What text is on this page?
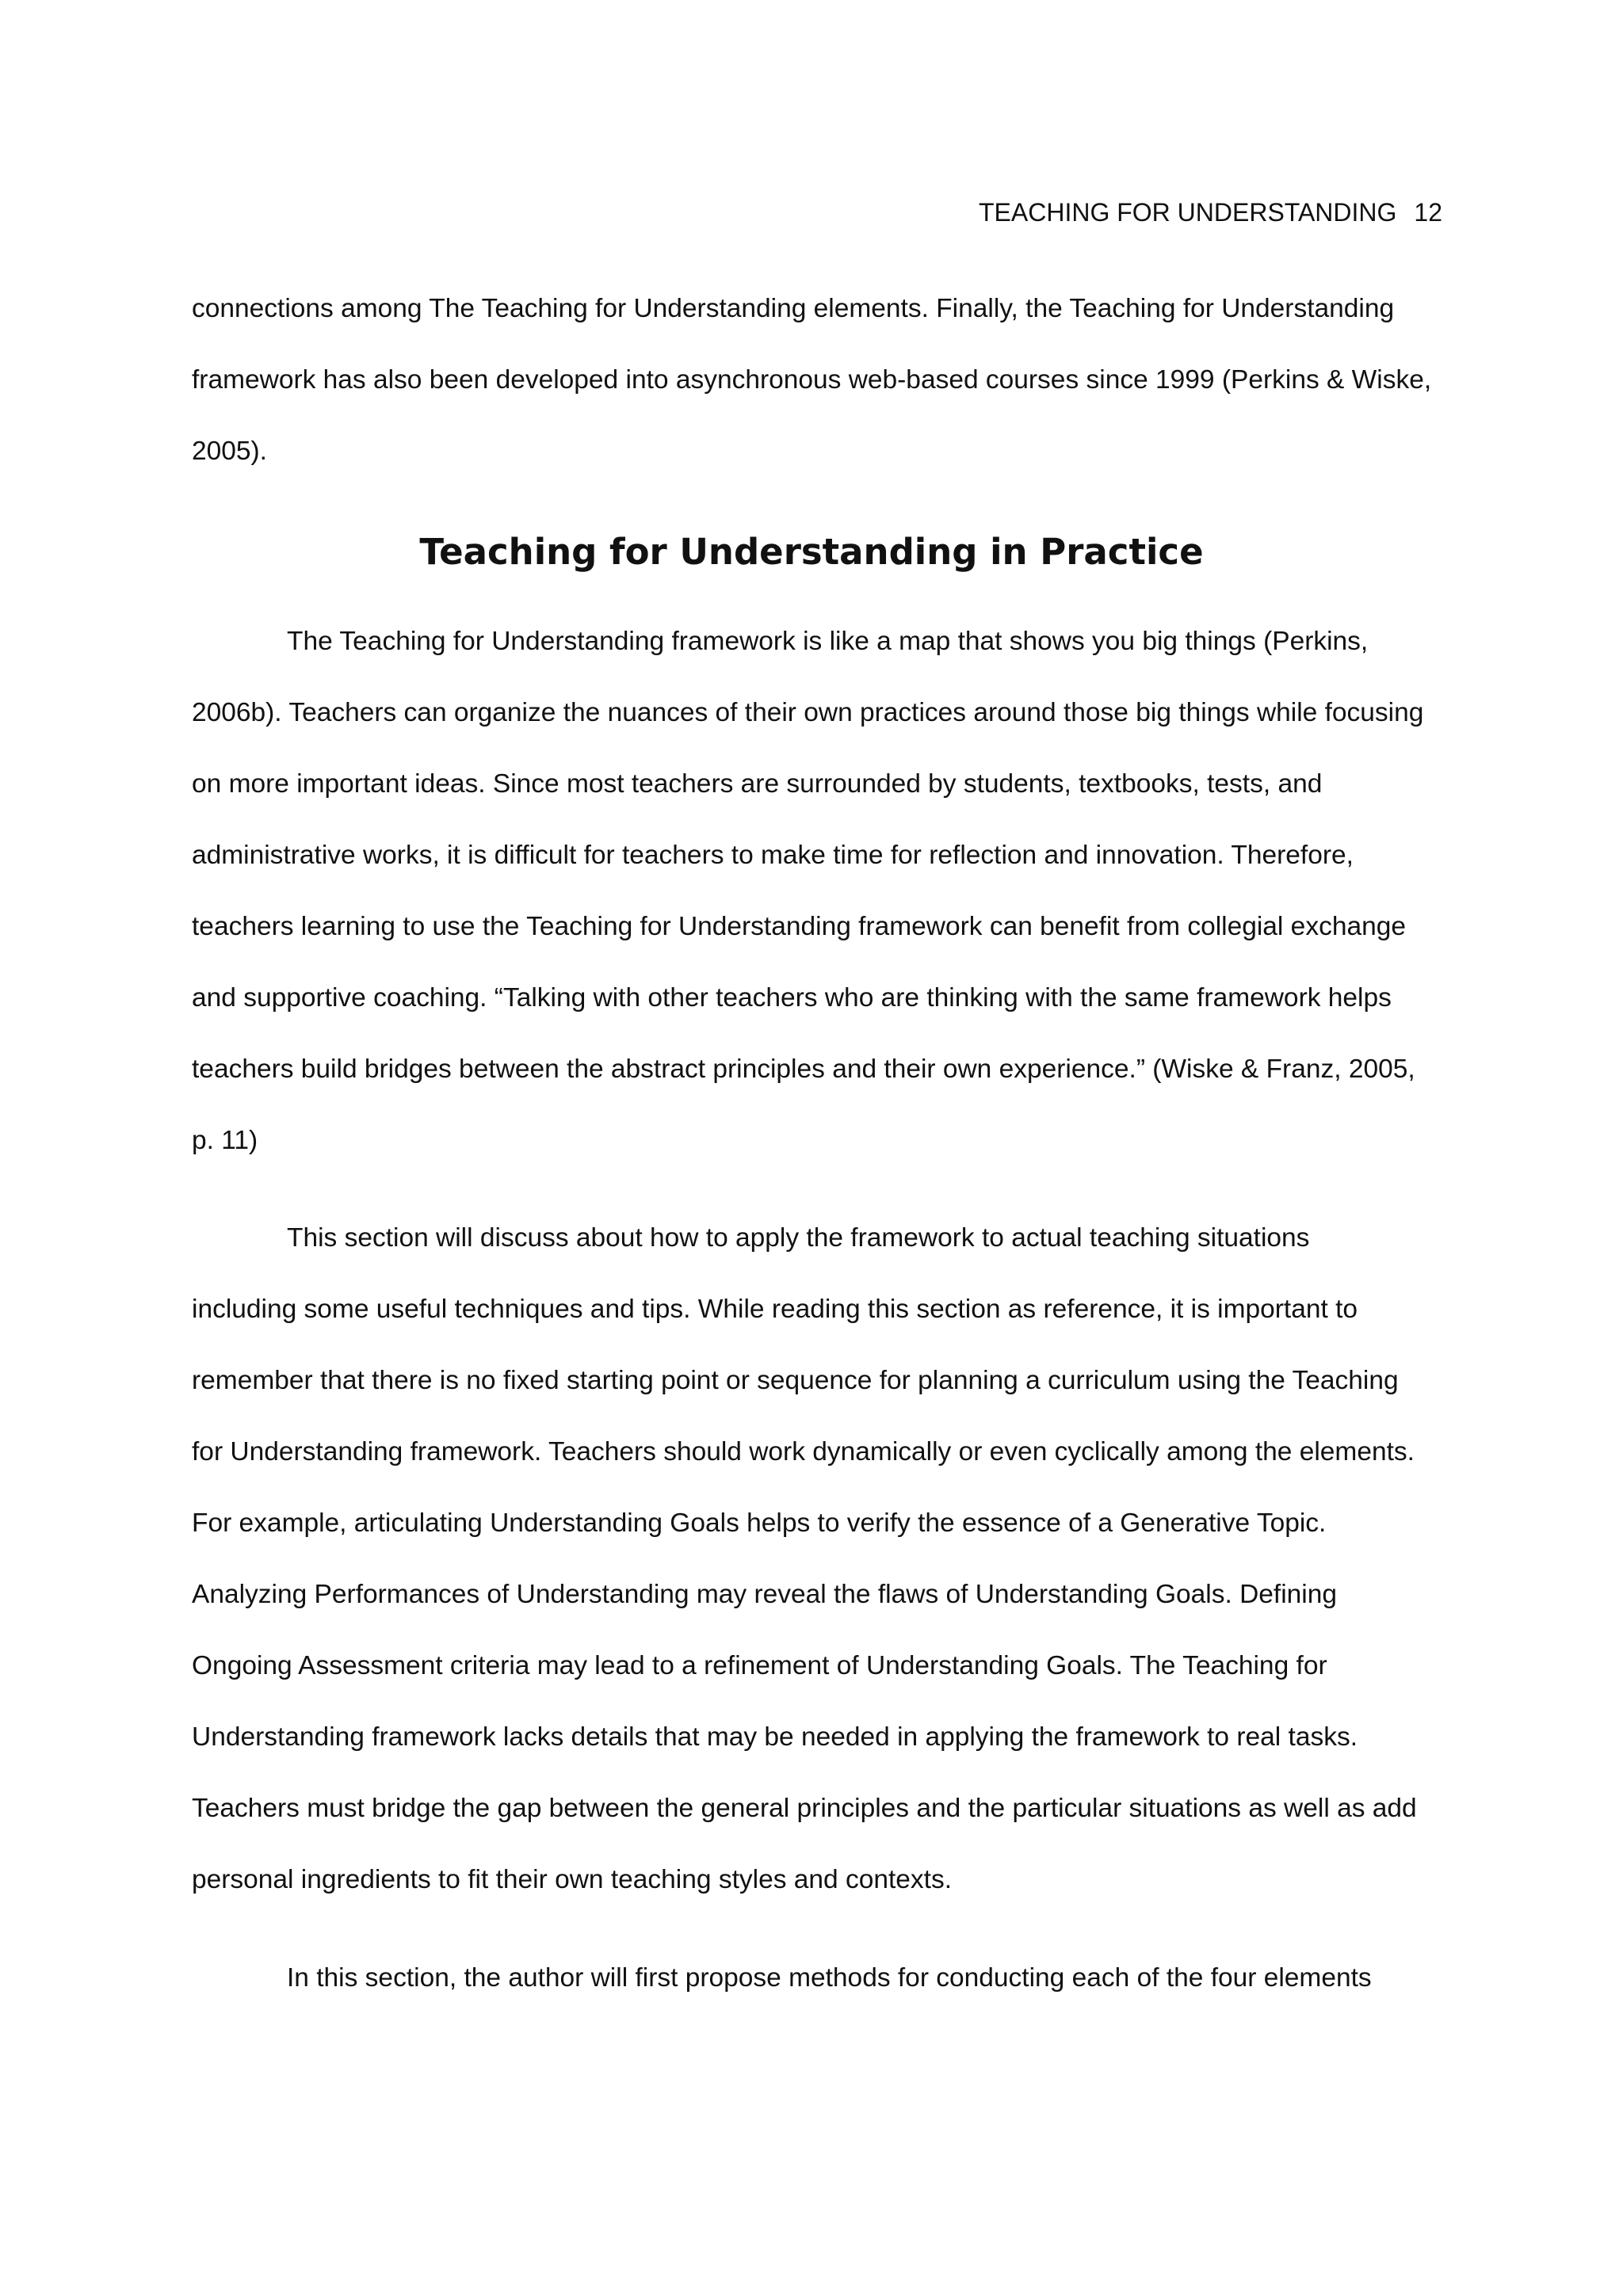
TEACHING FOR UNDERSTANDING 12
connections among The Teaching for Understanding elements. Finally, the Teaching for Understanding
framework has also been developed into asynchronous web-based courses since 1999 (Perkins & Wiske,
2005).
Teaching for Understanding in Practice
The Teaching for Understanding framework is like a map that shows you big things (Perkins,
2006b). Teachers can organize the nuances of their own practices around those big things while focusing
on more important ideas. Since most teachers are surrounded by students, textbooks, tests, and
administrative works, it is difficult for teachers to make time for reflection and innovation. Therefore,
teachers learning to use the Teaching for Understanding framework can benefit from collegial exchange
and supportive coaching. “Talking with other teachers who are thinking with the same framework helps
teachers build bridges between the abstract principles and their own experience.” (Wiske & Franz, 2005,
p. 11)
This section will discuss about how to apply the framework to actual teaching situations
including some useful techniques and tips. While reading this section as reference, it is important to
remember that there is no fixed starting point or sequence for planning a curriculum using the Teaching
for Understanding framework. Teachers should work dynamically or even cyclically among the elements.
For example, articulating Understanding Goals helps to verify the essence of a Generative Topic.
Analyzing Performances of Understanding may reveal the flaws of Understanding Goals. Defining
Ongoing Assessment criteria may lead to a refinement of Understanding Goals. The Teaching for
Understanding framework lacks details that may be needed in applying the framework to real tasks.
Teachers must bridge the gap between the general principles and the particular situations as well as add
personal ingredients to fit their own teaching styles and contexts.
In this section, the author will first propose methods for conducting each of the four elements
